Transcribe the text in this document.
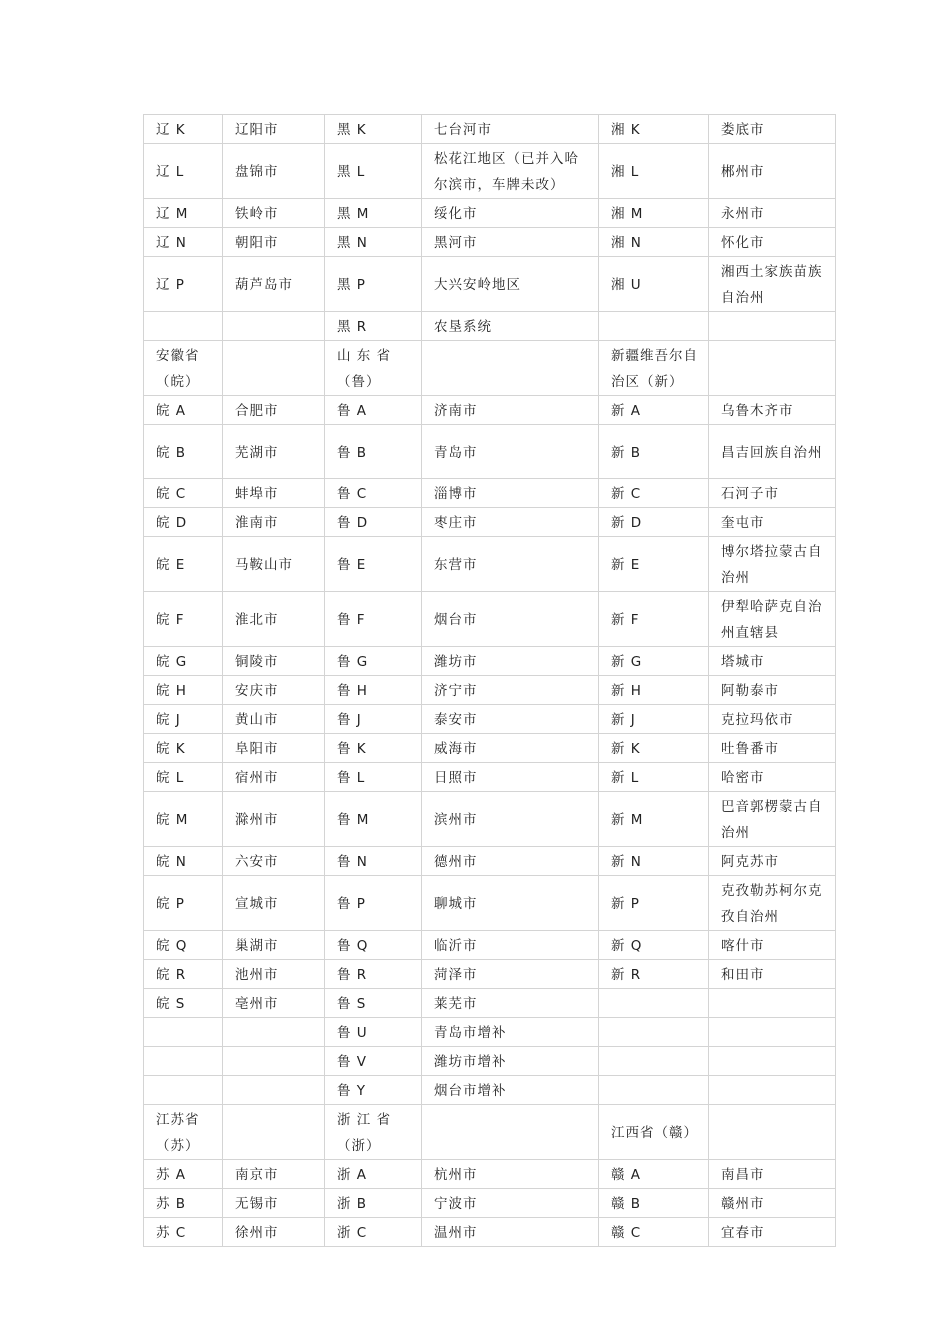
辽 K	辽阳市	黑 K	七台河市	湘 K	娄底市
辽 L	盘锦市	黑 L	松花江地区（已并入哈尔滨市，车牌未改）	湘 L	郴州市
辽 M	铁岭市	黑 M	绥化市	湘 M	永州市
辽 N	朝阳市	黑 N	黑河市	湘 N	怀化市
辽 P	葫芦岛市	黑 P	大兴安岭地区	湘 U	湘西土家族苗族自治州
		黑 R	农垦系统		
安徽省（皖）		山 东 省（鲁）		新疆维吾尔自治区（新）	
皖 A	合肥市	鲁 A	济南市	新 A	乌鲁木齐市
皖 B	芜湖市	鲁 B	青岛市	新 B	昌吉回族自治州
皖 C	蚌埠市	鲁 C	淄博市	新 C	石河子市
皖 D	淮南市	鲁 D	枣庄市	新 D	奎屯市
皖 E	马鞍山市	鲁 E	东营市	新 E	博尔塔拉蒙古自治州
皖 F	淮北市	鲁 F	烟台市	新 F	伊犁哈萨克自治州直辖县
皖 G	铜陵市	鲁 G	潍坊市	新 G	塔城市
皖 H	安庆市	鲁 H	济宁市	新 H	阿勒泰市
皖 J	黄山市	鲁 J	泰安市	新 J	克拉玛依市
皖 K	阜阳市	鲁 K	威海市	新 K	吐鲁番市
皖 L	宿州市	鲁 L	日照市	新 L	哈密市
皖 M	滁州市	鲁 M	滨州市	新 M	巴音郭楞蒙古自治州
皖 N	六安市	鲁 N	德州市	新 N	阿克苏市
皖 P	宣城市	鲁 P	聊城市	新 P	克孜勒苏柯尔克孜自治州
皖 Q	巢湖市	鲁 Q	临沂市	新 Q	喀什市
皖 R	池州市	鲁 R	菏泽市	新 R	和田市
皖 S	亳州市	鲁 S	莱芜市		
		鲁 U	青岛市增补		
		鲁 V	潍坊市增补		
		鲁 Y	烟台市增补		
江苏省（苏）		浙 江 省（浙）		江西省（赣）	
苏 A	南京市	浙 A	杭州市	赣 A	南昌市
苏 B	无锡市	浙 B	宁波市	赣 B	赣州市
苏 C	徐州市	浙 C	温州市	赣 C	宜春市
